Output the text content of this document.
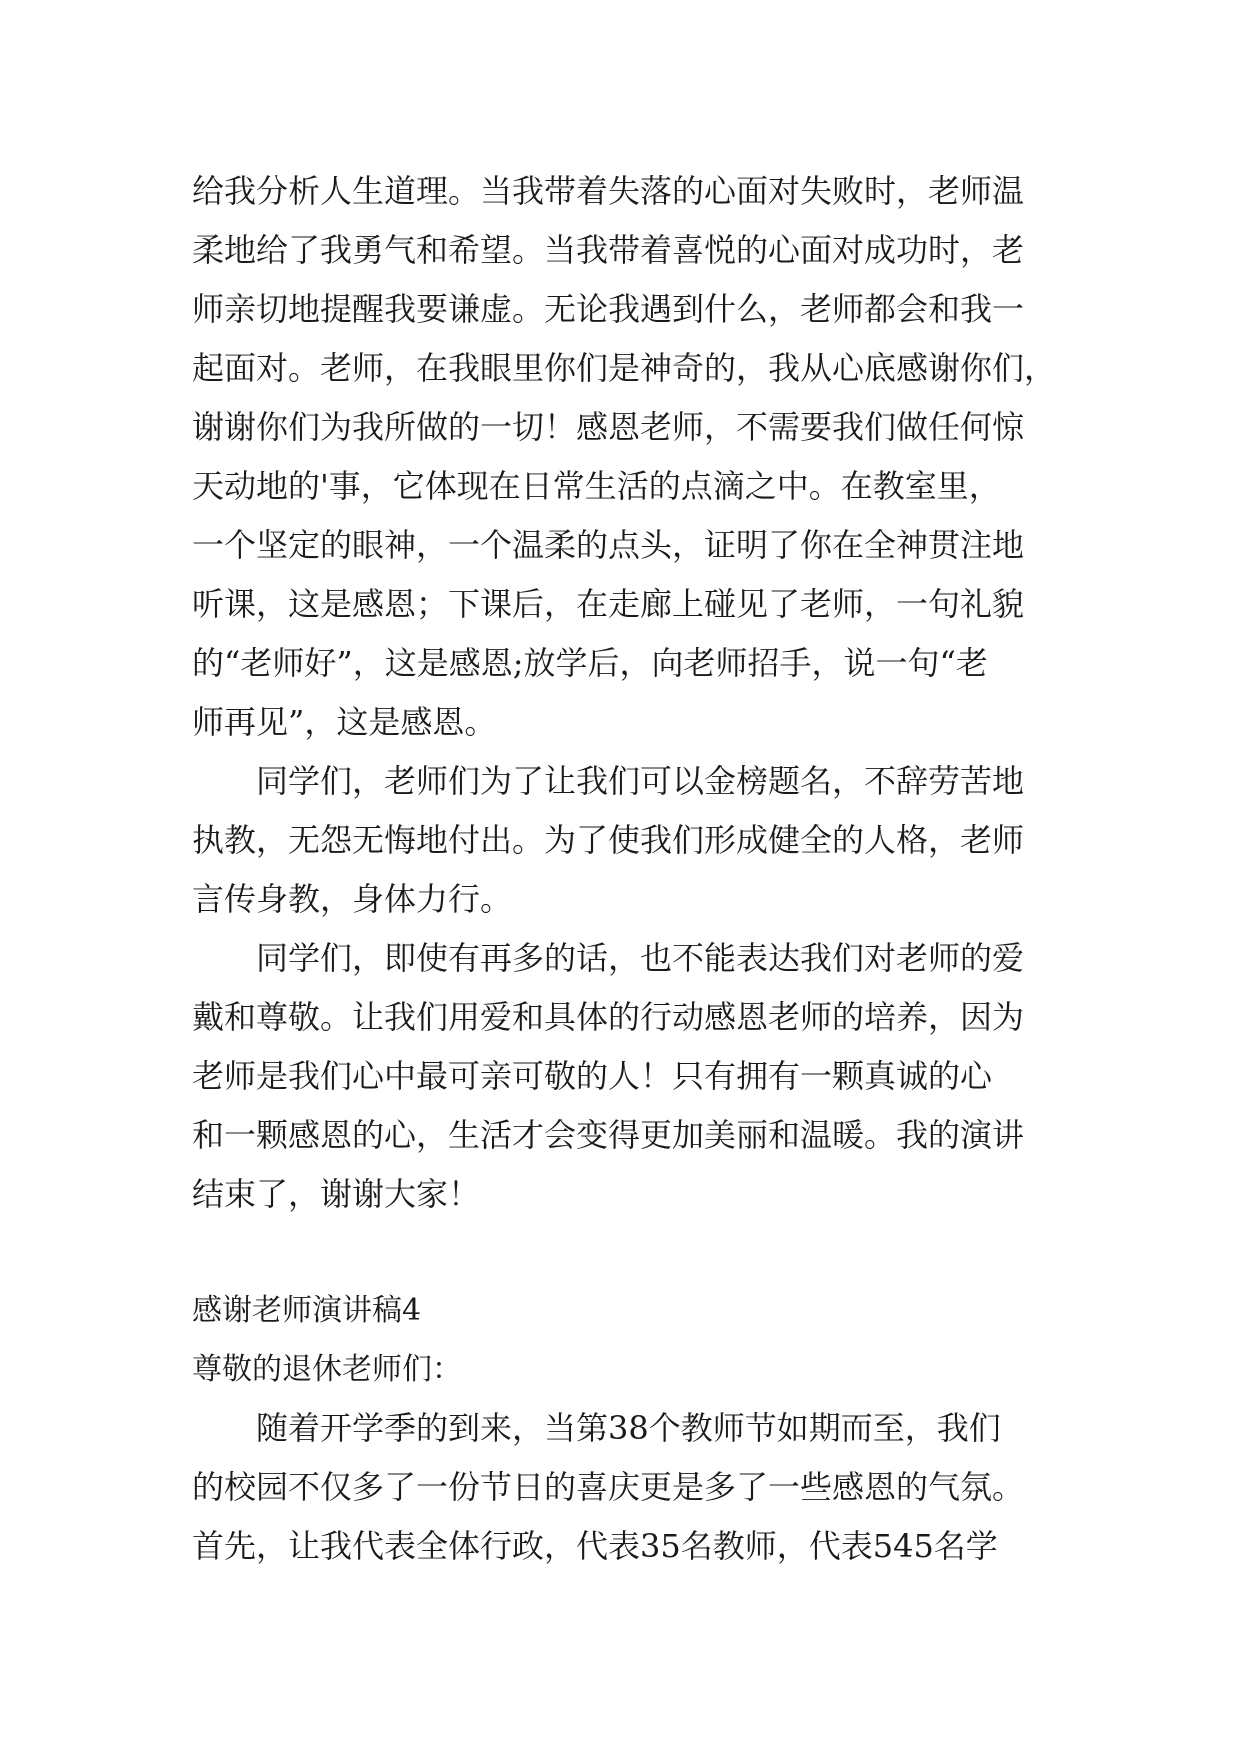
给我分析人生道理。当我带着失落的心面对失败时，老师温
柔地给了我勇气和希望。当我带着喜悦的心面对成功时，老
师亲切地提醒我要谦虚。无论我遇到什么，老师都会和我一
起面对。老师，在我眼里你们是神奇的，我从心底感谢你们，
谢谢你们为我所做的一切！感恩老师，不需要我们做任何惊
天动地的'事，它体现在日常生活的点滴之中。在教室里，
一个坚定的眼神，一个温柔的点头，证明了你在全神贯注地
听课，这是感恩；下课后，在走廊上碰见了老师，一句礼貌
的“老师好”，这是感恩;放学后，向老师招手，说一句“老
师再见”，这是感恩。
同学们，老师们为了让我们可以金榜题名，不辞劳苦地
执教，无怨无悔地付出。为了使我们形成健全的人格，老师
言传身教，身体力行。
同学们，即使有再多的话，也不能表达我们对老师的爱
戴和尊敬。让我们用爱和具体的行动感恩老师的培养，因为
老师是我们心中最可亲可敬的人！只有拥有一颗真诚的心
和一颗感恩的心，生活才会变得更加美丽和温暖。我的演讲
结束了，谢谢大家！
感谢老师演讲稿4
尊敬的退休老师们：
随着开学季的到来，当第38个教师节如期而至，我们
的校园不仅多了一份节日的喜庆更是多了一些感恩的气氛。
首先，让我代表全体行政，代表35名教师，代表545名学
